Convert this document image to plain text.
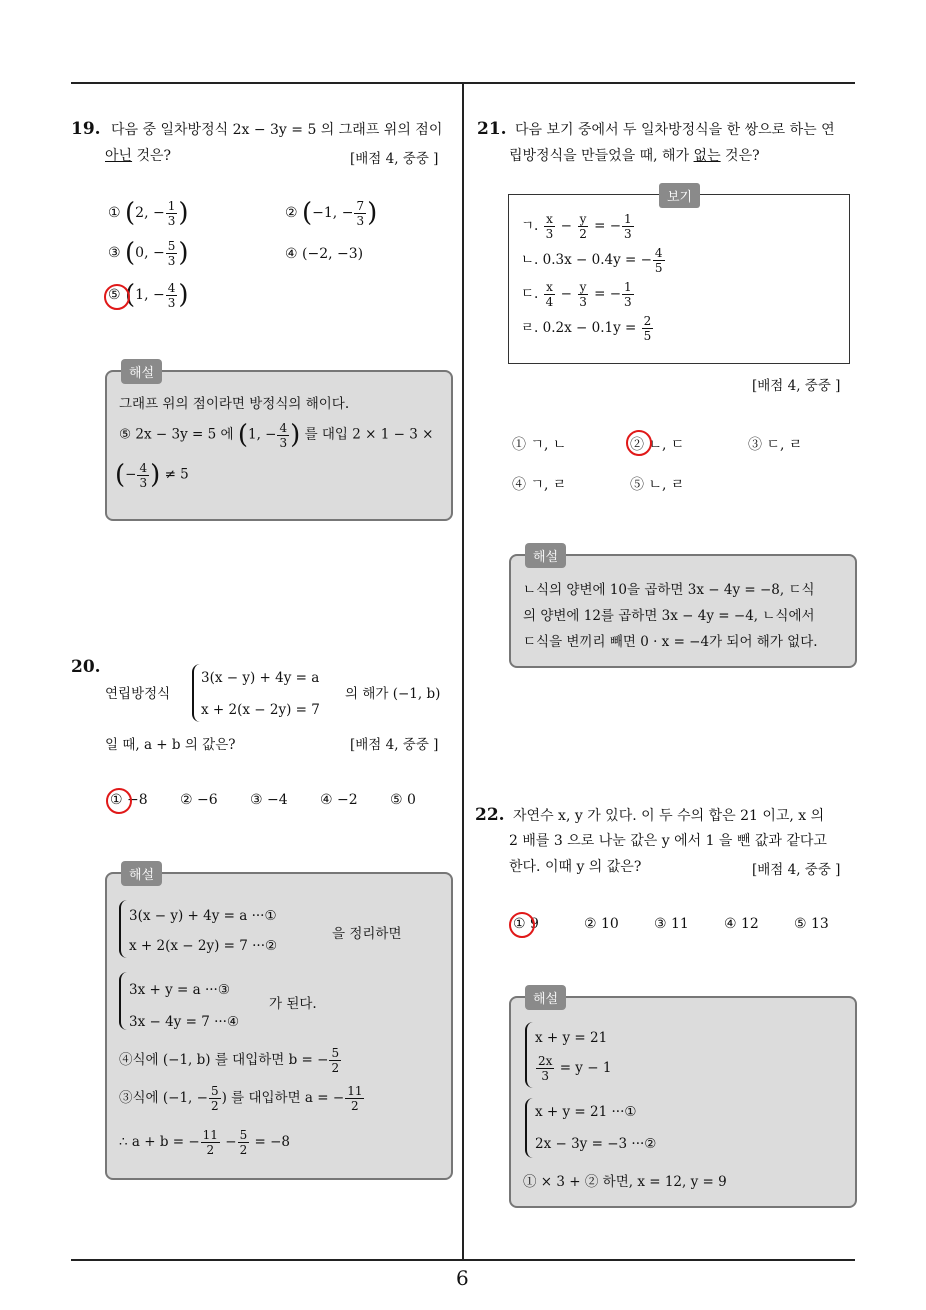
6
19. 다음 중 일차방정식 2x − 3y = 5 의 그래프 위의 점이
아닌 것은?	[배점 4, 중중 ]
① (2, − $\frac{1}{3}$ )	② (−1, − $\frac{7}{3}$ )
③ (0, − $\frac{5}{3}$ )	④ (−2, −3)
⑤ (1, − $\frac{4}{3}$ )
해설
그래프 위의 점이라면 방정식의 해이다.
⑤ 2x − 3y = 5 에 (1, − $\frac{4}{3}$ ) 를 대입 2 × 1 − 3 ×
(− $\frac{4}{3}$ ) ≠ 5
20.
연립방정식
3(x − y) + 4y = a
x + 2(x − 2y) = 7
의 해가 (−1, b)
일 때, a + b 의 값은?	[배점 4, 중중 ]
① −8 ② −6 ③ −4 ④ −2 ⑤ 0
해설
3(x − y) + 4y = a ···①
x + 2(x − 2y) = 7 ···②
을 정리하면
3x + y = a ···③
3x − 4y = 7 ···④
가 된다.
④식에 (−1, b) 를 대입하면 b = − $\frac{5}{2}$
③식에 (−1, − $\frac{5}{2}$ ) 를 대입하면 a = − $\frac{11}{2}$
∴ a + b = − $\frac{11}{2} - \frac{5}{2} = -8$
21. 다음 보기 중에서 두 일차방정식을 한 쌍으로 하는 연
립방정식을 만들었을 때, 해가 없는 것은?
보기
ㄱ. $\frac{x}{3} - \frac{y}{2}$ = − $\frac{1}{3}$
ㄴ. 0.3x − 0.4y = − $\frac{4}{5}$
ㄷ. $\frac{x}{4} - \frac{y}{3}$ = − $\frac{1}{3}$
ㄹ. $0.2x - 0.1y = \frac{2}{5}$
[배점 4, 중중 ]
① ㄱ, ㄴ	② ㄴ, ㄷ	③ ㄷ, ㄹ
④ ㄱ, ㄹ	⑤ ㄴ, ㄹ
해설
ㄴ식의 양변에 10을 곱하면 3x − 4y = −8, ㄷ식
의 양변에 12를 곱하면 3x − 4y = −4, ㄴ식에서
ㄷ식을 변끼리 빼면 0 · x = −4가 되어 해가 없다.
22. 자연수 x, y 가 있다. 이 두 수의 합은 21 이고, x 의
2 배를 3 으로 나눈 값은 y 에서 1 을 뺀 값과 같다고
한다. 이때 y 의 값은?	[배점 4, 중중 ]
① 9	② 10	③ 11	④ 12	⑤ 13
해설
x + y = 21
$\frac{2x}{3} = y - 1$
x + y = 21 ···①
2x − 3y = −3 ···②
① × 3 + ② 하면, x = 12, y = 9
